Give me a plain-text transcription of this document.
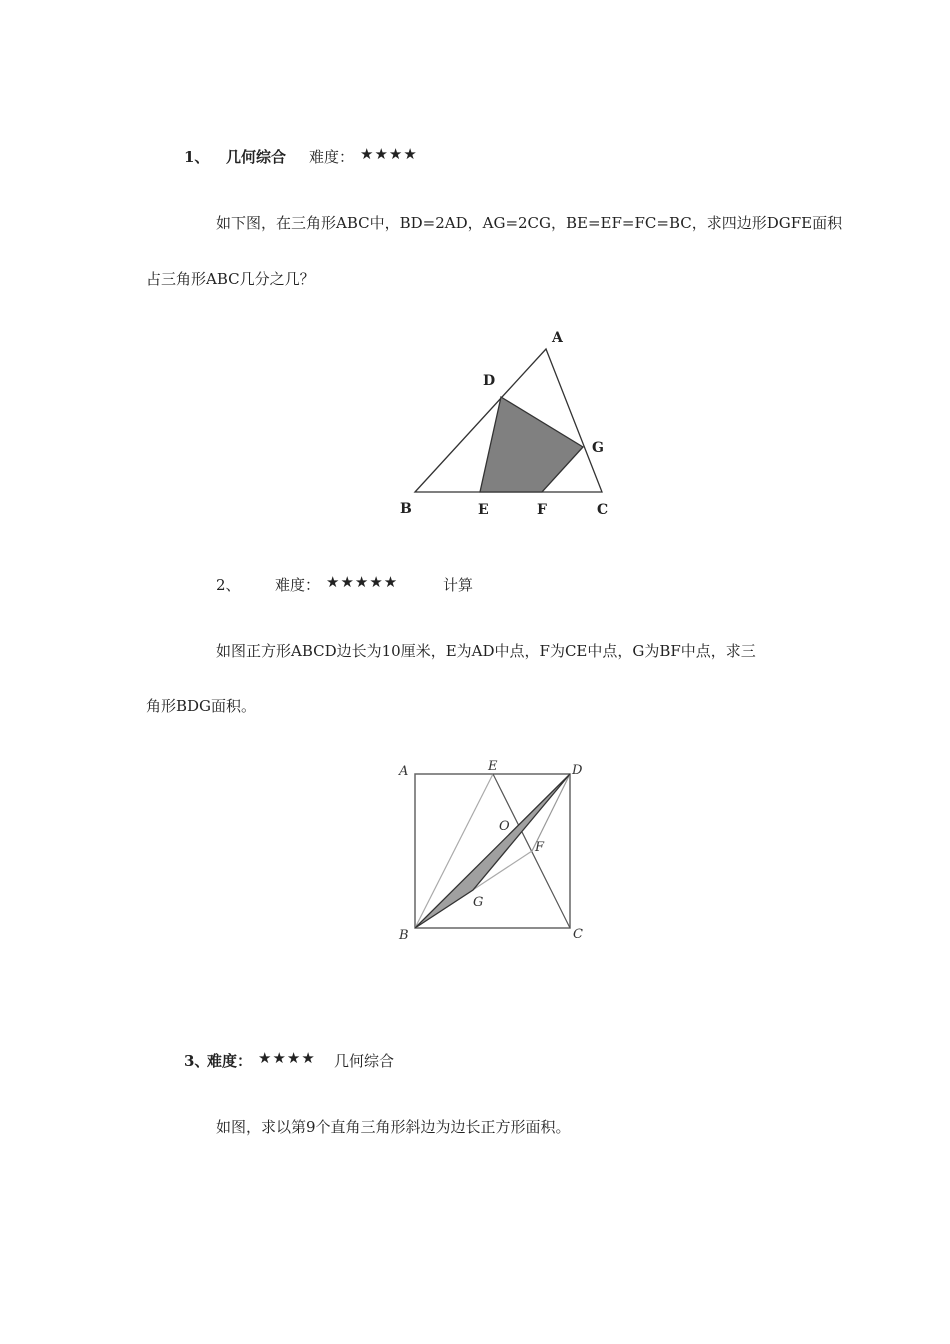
1、 几何综合 难度： ★★★★
如下图，在三角形ABC中，BD=2AD，AG=2CG，BE=EF=FC=BC，求四边形DGFE面积
占三角形ABC几分之几？
A
D
G
B	E	F	C
2、 难度： ★★★★★	计算
如图正方形ABCD边长为10厘米，E为AD中点，F为CE中点，G为BF中点，求三
角形BDG面积。
A	E	D
O
F
G
B	C
3、
难度： ★★★★ 几何综合
如图，求以第9个直角三角形斜边为边长正方形面积。
